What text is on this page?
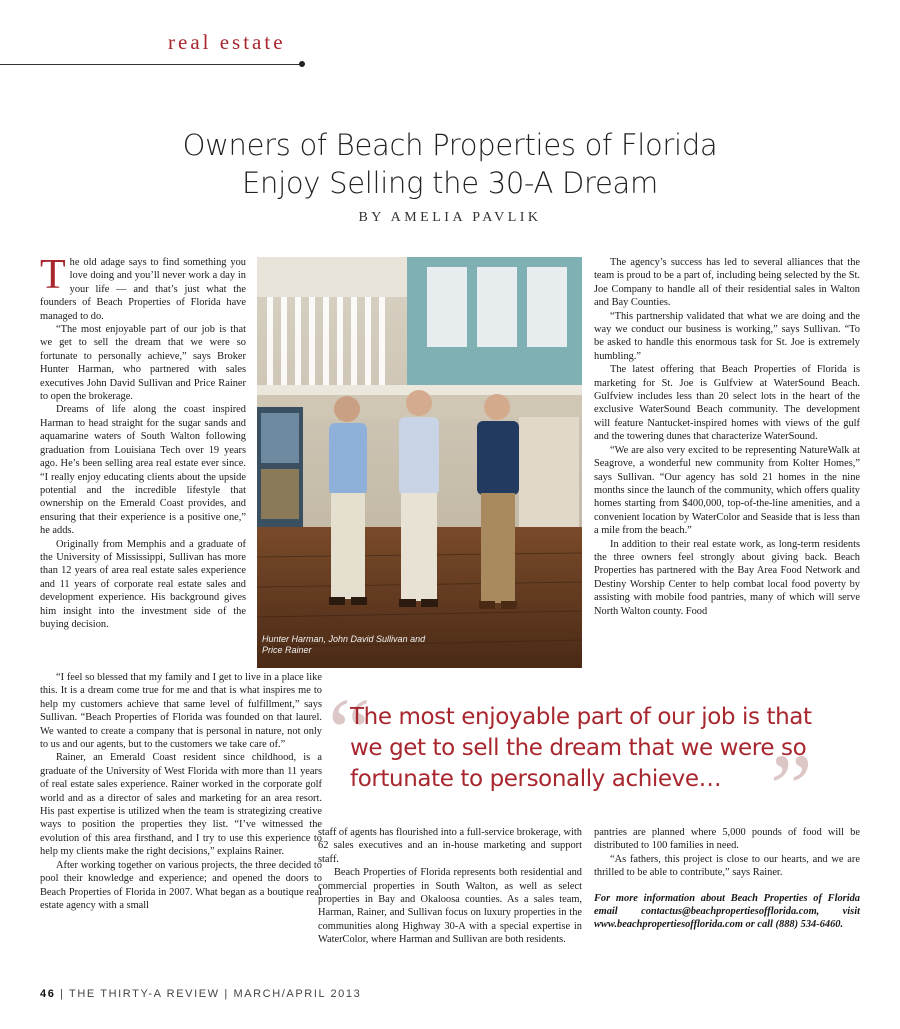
real estate
Owners of Beach Properties of Florida
Enjoy Selling the 30-A Dream
BY AMELIA PAVLIK

The old adage says to find something you love doing and you’ll never work a day in your life — and that’s just what the founders of Beach Properties of Florida have managed to do.

“The most enjoyable part of our job is that we get to sell the dream that we were so fortunate to personally achieve,” says Broker Hunter Harman, who partnered with sales executives John David Sullivan and Price Rainer to open the brokerage.

Dreams of life along the coast inspired Harman to head straight for the sugar sands and aquamarine waters of South Walton following graduation from Louisiana Tech over 19 years ago. He’s been selling area real estate ever since. “I really enjoy educating clients about the upside potential and the incredible lifestyle that ownership on the Emerald Coast provides, and ensuring that their experience is a positive one,” he adds.

Originally from Memphis and a graduate of the University of Mississippi, Sullivan has more than 12 years of area real estate sales experience and 11 years of corporate real estate sales and development experience. His background gives him insight into the investment side of the buying decision.

“I feel so blessed that my family and I get to live in a place like this. It is a dream come true for me and that is what inspires me to help my customers achieve that same level of fulfillment,” says Sullivan. “Beach Properties of Florida was founded on that laurel. We wanted to create a company that is personal in nature, not only to us and our agents, but to the customers we take care of.”

Rainer, an Emerald Coast resident since childhood, is a graduate of the University of West Florida with more than 11 years of real estate sales experience. Rainer worked in the corporate golf world and as a director of sales and marketing for an area resort. His past expertise is utilized when the team is strategizing creative ways to position the properties they list. “I’ve witnessed the evolution of this area firsthand, and I try to use this experience to help my clients make the right decisions,” explains Rainer.

After working together on various projects, the three decided to pool their knowledge and experience; and opened the doors to Beach Properties of Florida in 2007. What began as a boutique real estate agency with a small

Hunter Harman, John David Sullivan and Price Rainer

The agency’s success has led to several alliances that the team is proud to be a part of, including being selected by the St. Joe Company to handle all of their residential sales in Walton and Bay Counties.

“This partnership validated that what we are doing and the way we conduct our business is working,” says Sullivan. “To be asked to handle this enormous task for St. Joe is extremely humbling.”

The latest offering that Beach Properties of Florida is marketing for St. Joe is Gulfview at WaterSound Beach. Gulfview includes less than 20 select lots in the heart of the exclusive WaterSound Beach community. The development will feature Nantucket-inspired homes with views of the gulf and the towering dunes that characterize WaterSound.

“We are also very excited to be representing NatureWalk at Seagrove, a wonderful new community from Kolter Homes,” says Sullivan. “Our agency has sold 21 homes in the nine months since the launch of the community, which offers quality homes starting from $400,000, top-of-the-line amenities, and a convenient location by WaterColor and Seaside that is less than a mile from the beach.”

In addition to their real estate work, as long-term residents the three owners feel strongly about giving back. Beach Properties has partnered with the Bay Area Food Network and Destiny Worship Center to help combat local food poverty by assisting with mobile food pantries, many of which will serve North Walton county. Food

“
”
The most enjoyable part of our job is that we get to sell the dream that we were so fortunate to personally achieve…

staff of agents has flourished into a full-service brokerage, with 62 sales executives and an in-house marketing and support staff.

Beach Properties of Florida represents both residential and commercial properties in South Walton, as well as select properties in Bay and Okaloosa counties. As a sales team, Harman, Rainer, and Sullivan focus on luxury properties in the communities along Highway 30-A with a special expertise in WaterColor, where Harman and Sullivan are both residents.

pantries are planned where 5,000 pounds of food will be distributed to 100 families in need.

“As fathers, this project is close to our hearts, and we are thrilled to be able to contribute,” says Rainer.

For more information about Beach Properties of Florida email contactus@beachpropertiesofflorida.com, visit www.beachpropertiesofflorida.com or call (888) 534-6460.

46 | THE THIRTY-A REVIEW | MARCH/APRIL 2013
